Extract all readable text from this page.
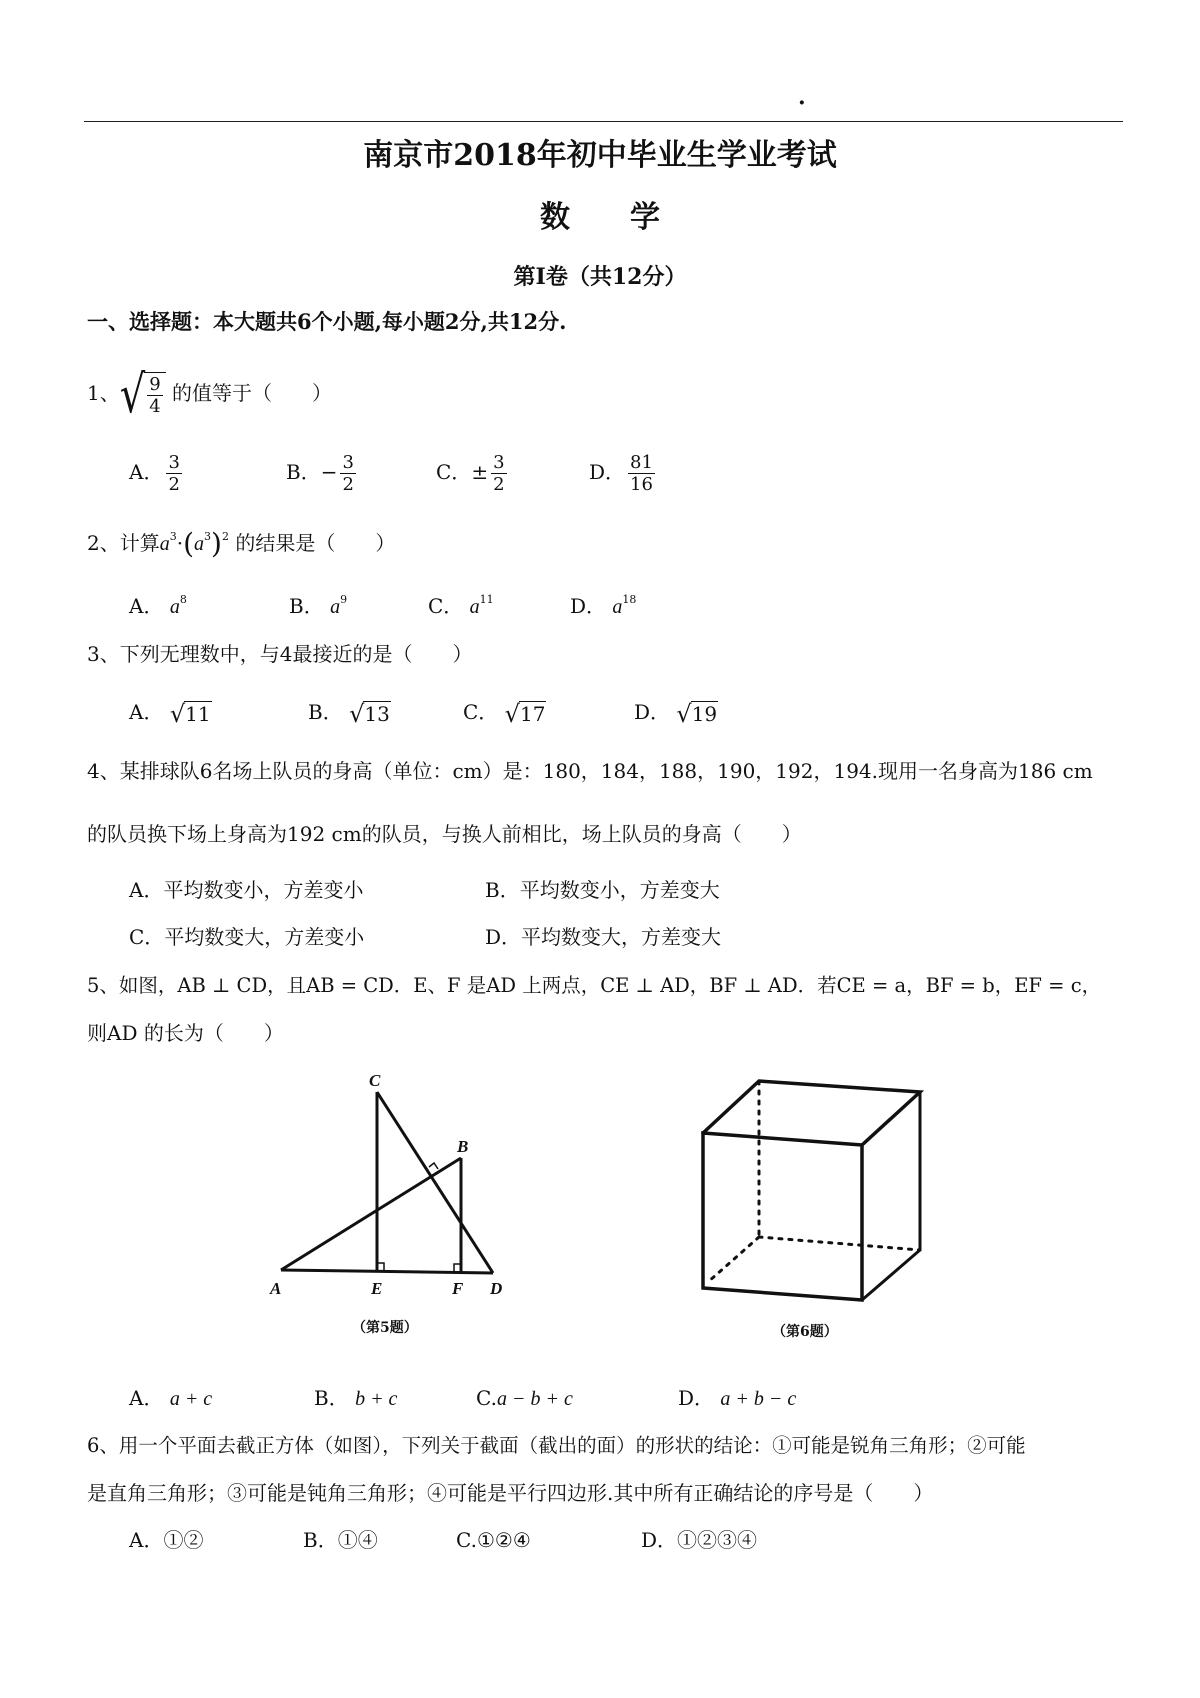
·
南京市2018年初中毕业生学业考试
数　　学
第Ⅰ卷（共12分）
一、选择题：本大题共6个小题,每小题2分,共12分.
1、 √ $\frac{9}{4}$ 的值等于（　　）
A． $\frac{3}{2}$	B．− $\frac{3}{2}$	C．± $\frac{3}{2}$	D． $\frac{81}{16}$
2、计算$a^3\cdot(a^3)^2$ 的结果是（　　）
A． $a^8$	B． $a^9$	C． $a^{11}$	D． $a^{18}$
3、下列无理数中，与4最接近的是（　　）
A． √ 11	B． √ 13	C． √ 17	D． √ 19
4、某排球队6名场上队员的身高（单位：cm）是：180，184，188，190，192，194.现用一名身高为186 cm
的队员换下场上身高为192 cm的队员，与换人前相比，场上队员的身高（　　）
A．平均数变小，方差变小	B．平均数变小，方差变大
C．平均数变大，方差变小	D．平均数变大，方差变大
5、如图，AB ⊥ CD，且AB = CD．E、F 是AD 上两点，CE ⊥ AD，BF ⊥ AD．若CE = a，BF = b，EF = c，
则AD 的长为（　　）
C
B
A	E	F D
（第5题）	（第6题）
A． a + c	B． b + c	C.a − b + c	D． a + b − c
6、用一个平面去截正方体（如图），下列关于截面（截出的面）的形状的结论：①可能是锐角三角形；②可能
是直角三角形；③可能是钝角三角形；④可能是平行四边形.其中所有正确结论的序号是（　　）
A．①②	B．①④	C.①②④	D．①②③④
